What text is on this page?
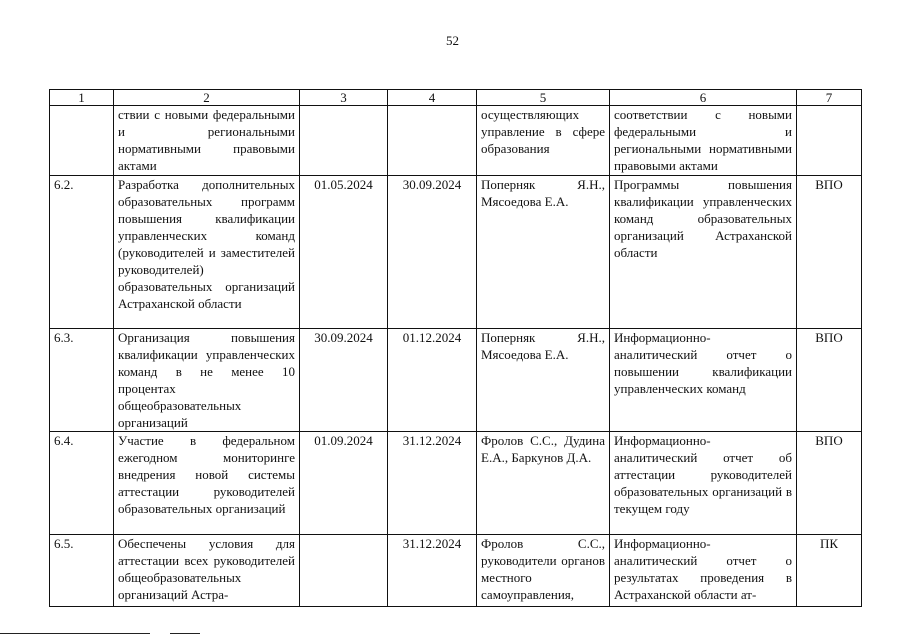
52
1	2	3	4	5	6	7
	ствии с новыми федеральными и региональными нормативными правовыми актами			осуществляющих управление в сфере образования	соответствии с новыми федеральными и региональными нормативными правовыми актами	
6.2.	Разработка дополнительных образовательных программ повышения квалификации управленческих команд (руководителей и заместителей руководителей) образовательных организаций Астраханской области	01.05.2024	30.09.2024	Поперняк Я.Н., Мясоедова Е.А.	Программы повышения квалификации управленческих команд образовательных организаций Астраханской области	ВПО
6.3.	Организация повышения квалификации управленческих команд в не менее 10 процентах общеобразовательных организаций	30.09.2024	01.12.2024	Поперняк Я.Н., Мясоедова Е.А.	Информационно-аналитический отчет о повышении квалификации управленческих команд	ВПО
6.4.	Участие в федеральном ежегодном мониторинге внедрения новой системы аттестации руководителей образовательных организаций	01.09.2024	31.12.2024	Фролов С.С., Дудина Е.А., Баркунов Д.А.	Информационно-аналитический отчет об аттестации руководителей образовательных организаций в текущем году	ВПО
6.5.	Обеспечены условия для аттестации всех руководителей общеобразовательных организаций Астра-		31.12.2024	Фролов С.С., руководители органов местного самоуправления,	Информационно-аналитический отчет о результатах проведения в Астраханской области ат-	ПК
